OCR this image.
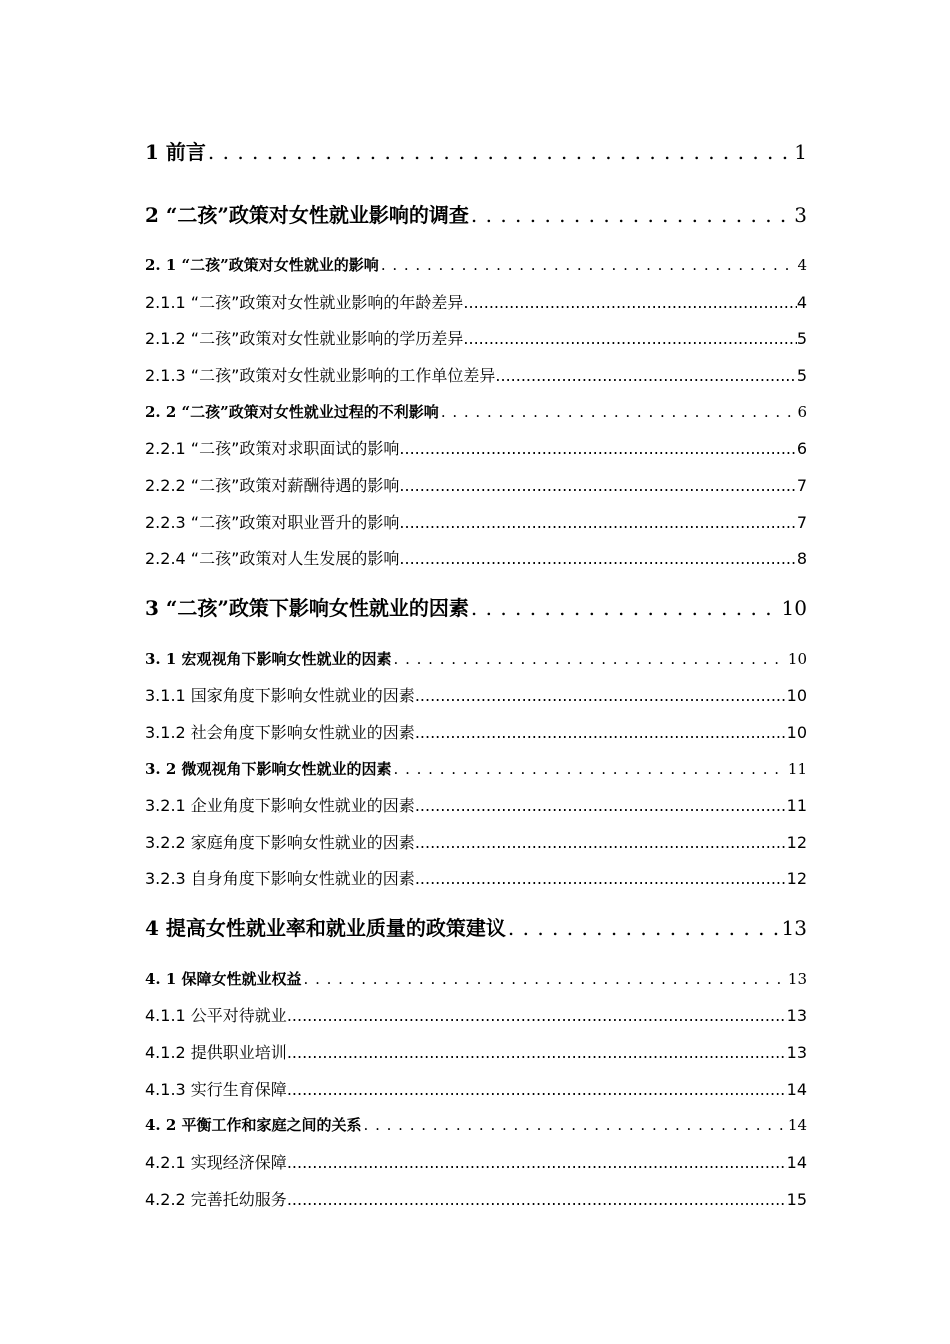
1 前言 . . .	1
2 “二孩”政策对女性就业影响的调查 . . .	3
2. 1 “二孩”政策对女性就业的影响 . . .	4
2.1.1 “二孩”政策对女性就业影响的年龄差异 .....	4
2.1.2 “二孩”政策对女性就业影响的学历差异 .....	5
2.1.3 “二孩”政策对女性就业影响的工作单位差异 .....	5
2. 2 “二孩”政策对女性就业过程的不利影响 . . .	6
2.2.1 “二孩”政策对求职面试的影响 .....	6
2.2.2 “二孩”政策对薪酬待遇的影响 .....	7
2.2.3 “二孩”政策对职业晋升的影响 .....	7
2.2.4 “二孩”政策对人生发展的影响 .....	8
3 “二孩”政策下影响女性就业的因素 . . .	10
3. 1 宏观视角下影响女性就业的因素 . . .	10
3.1.1 国家角度下影响女性就业的因素 .....	10
3.1.2 社会角度下影响女性就业的因素 .....	10
3. 2 微观视角下影响女性就业的因素 . . .	11
3.2.1 企业角度下影响女性就业的因素 .....	11
3.2.2 家庭角度下影响女性就业的因素 .....	12
3.2.3 自身角度下影响女性就业的因素 .....	12
4 提高女性就业率和就业质量的政策建议 . . .	13
4. 1 保障女性就业权益 . . .	13
4.1.1 公平对待就业 .....	13
4.1.2 提供职业培训 .....	13
4.1.3 实行生育保障 .....	14
4. 2 平衡工作和家庭之间的关系 . . .	14
4.2.1 实现经济保障 .....	14
4.2.2 完善托幼服务 .....	15
